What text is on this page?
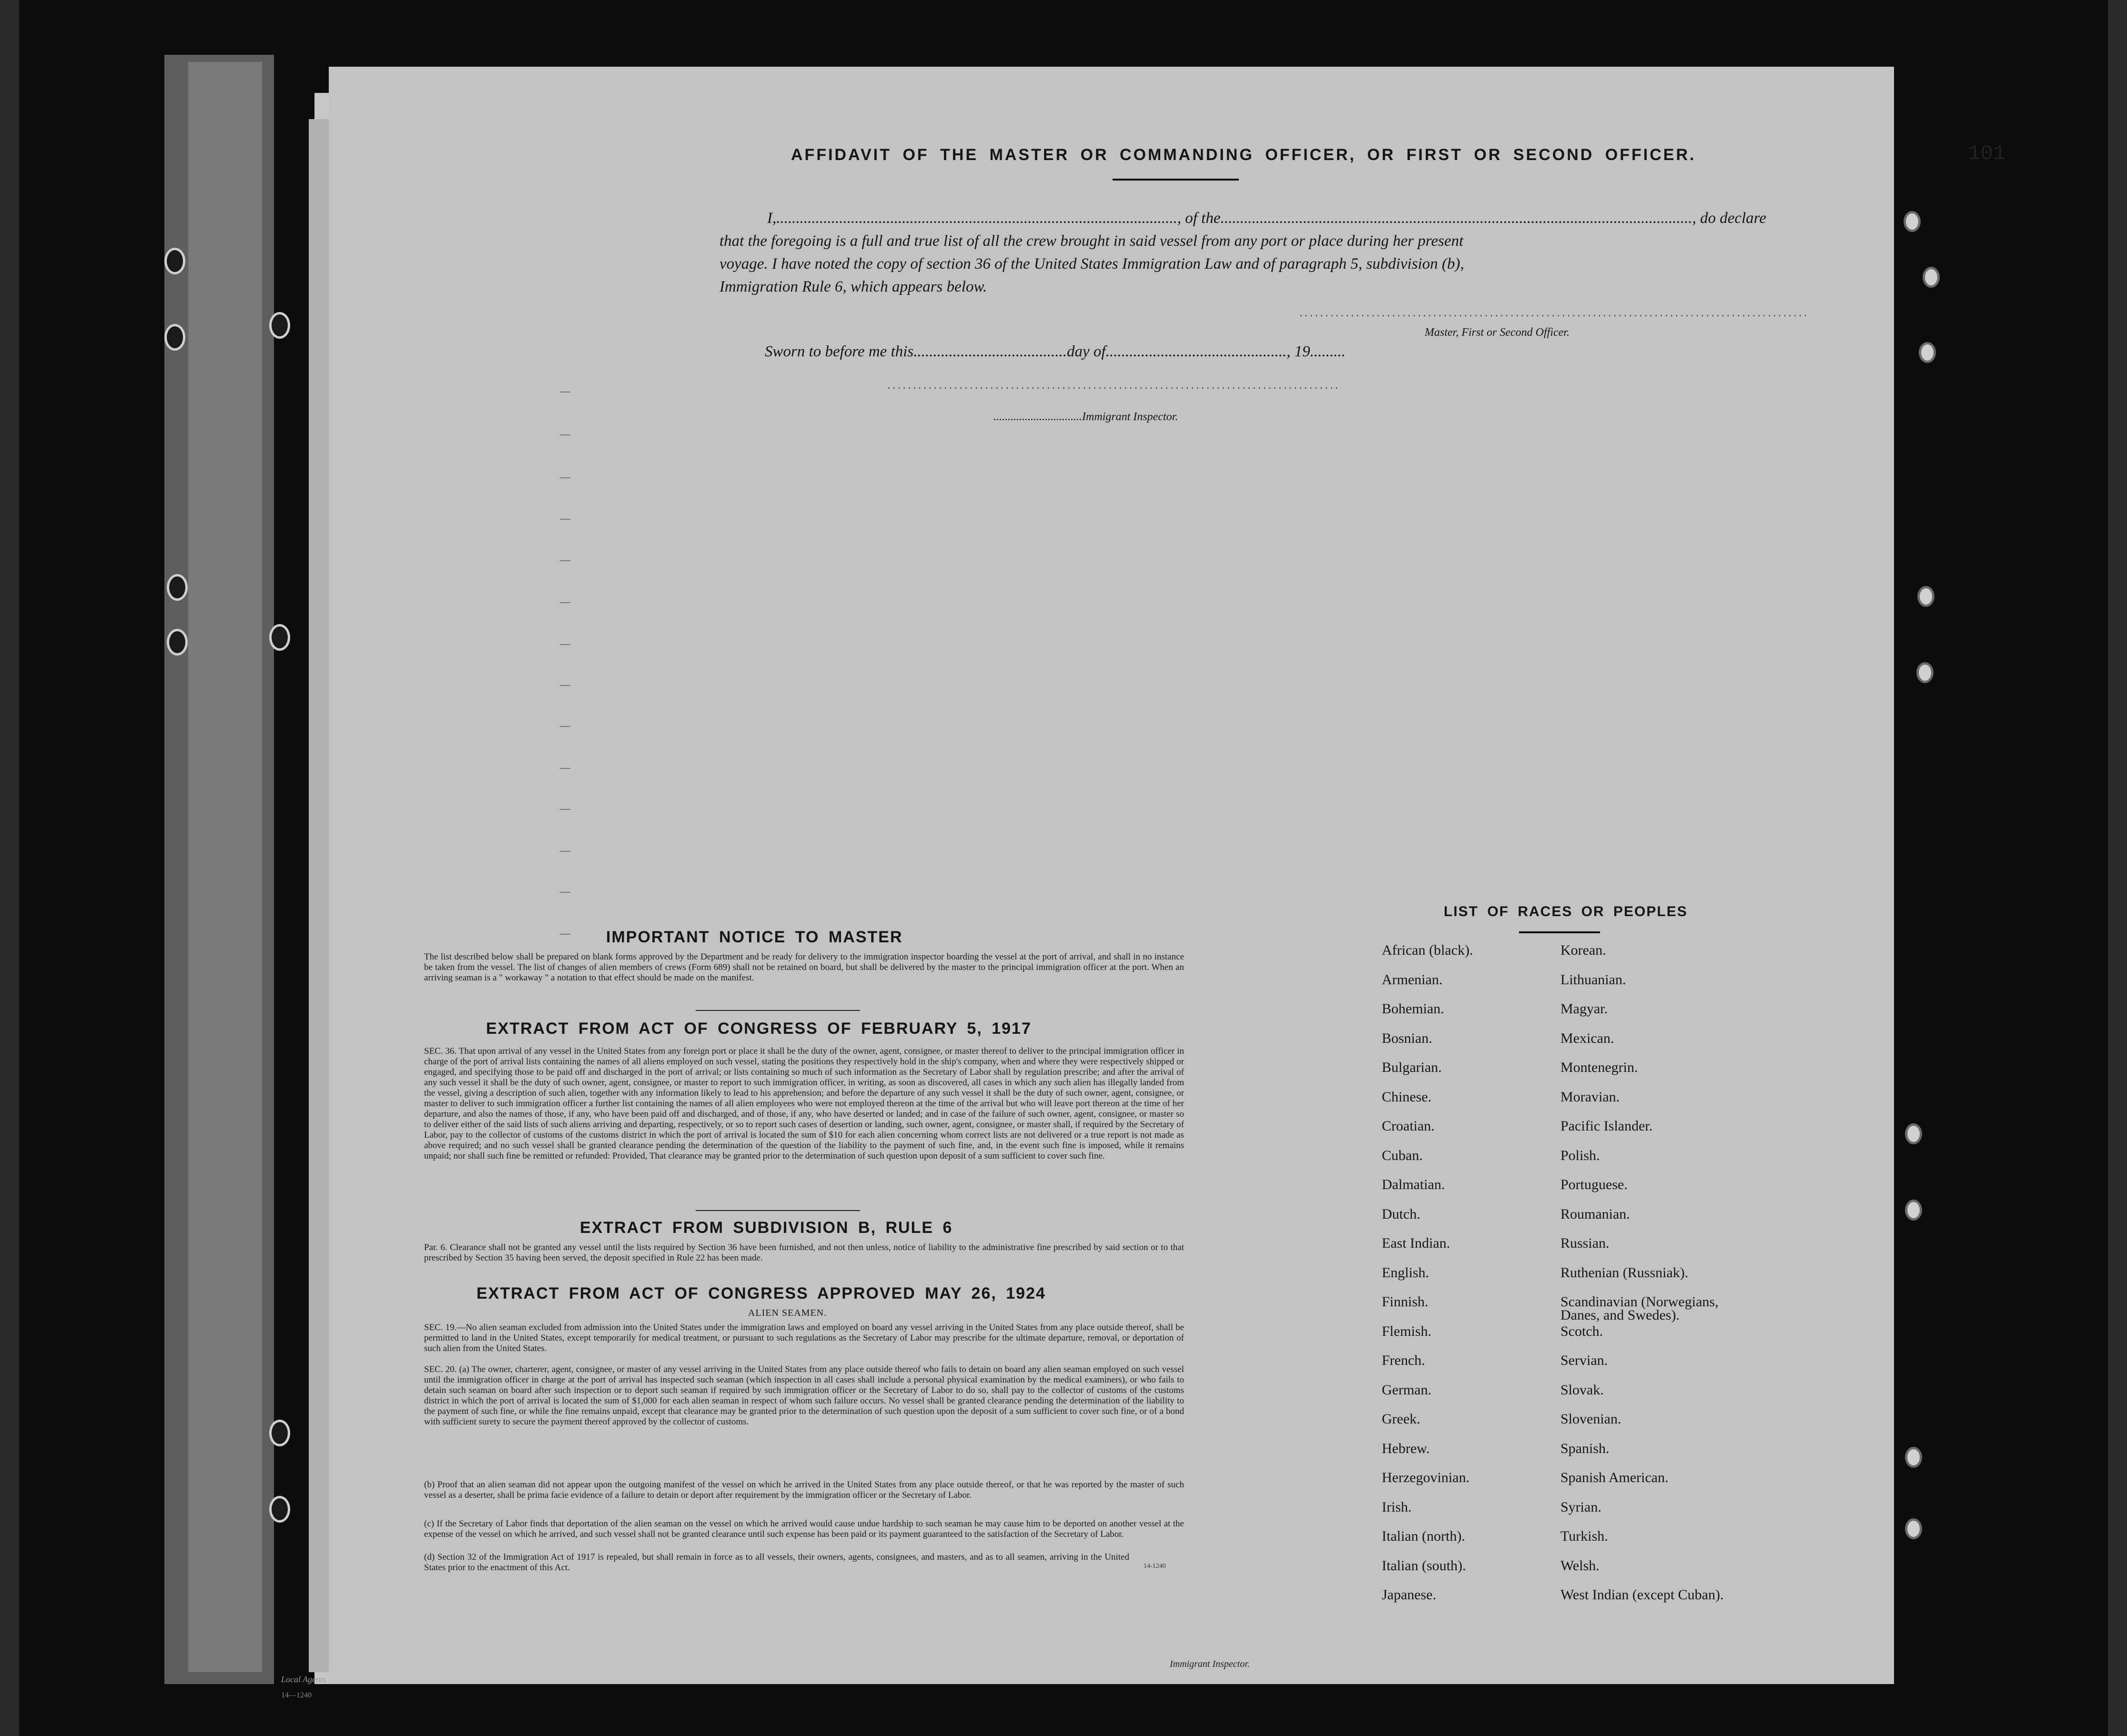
AFFIDAVIT OF THE MASTER OR COMMANDING OFFICER, OR FIRST OR SECOND OFFICER.	101
I,......................................................................................................, of the........................................................................................................................, do declare
that the foregoing is a full and true list of all the crew brought in said vessel from any port or place during her present
voyage. I have noted the copy of section 36 of the United States Immigration Law and of paragraph 5, subdivision (b),
Immigration Rule 6, which appears below.
...................................................................................................
Master, First or Second Officer.
Sworn to before me this.......................................day of.............................................., 19.........
........................................................................................
...............................Immigrant Inspector.
—
—
—
—
—
—
—
—
—
—
—
—
—
— IMPORTANT NOTICE TO MASTER
The list described below shall be prepared on blank forms approved by the Department and be ready for delivery to the immigration inspector boarding the vessel at the port of arrival, and shall in no instance be taken from the vessel. The list of changes of alien members of crews (Form 689) shall not be retained on board, but shall be delivered by the master to the principal immigration officer at the port. When an arriving seaman is a " workaway " a notation to that effect should be made on the manifest.
EXTRACT FROM ACT OF CONGRESS OF FEBRUARY 5, 1917
SEC. 36. That upon arrival of any vessel in the United States from any foreign port or place it shall be the duty of the owner, agent, consignee, or master thereof to deliver to the principal immigration officer in charge of the port of arrival lists containing the names of all aliens employed on such vessel, stating the positions they respectively hold in the ship's company, when and where they were respectively shipped or engaged, and specifying those to be paid off and discharged in the port of arrival; or lists containing so much of such information as the Secretary of Labor shall by regulation prescribe; and after the arrival of any such vessel it shall be the duty of such owner, agent, consignee, or master to report to such immigration officer, in writing, as soon as discovered, all cases in which any such alien has illegally landed from the vessel, giving a description of such alien, together with any information likely to lead to his apprehension; and before the departure of any such vessel it shall be the duty of such owner, agent, consignee, or master to deliver to such immigration officer a further list containing the names of all alien employees who were not employed thereon at the time of the arrival but who will leave port thereon at the time of her departure, and also the names of those, if any, who have been paid off and discharged, and of those, if any, who have deserted or landed; and in case of the failure of such owner, agent, consignee, or master so to deliver either of the said lists of such aliens arriving and departing, respectively, or so to report such cases of desertion or landing, such owner, agent, consignee, or master shall, if required by the Secretary of Labor, pay to the collector of customs of the customs district in which the port of arrival is located the sum of $10 for each alien concerning whom correct lists are not delivered or a true report is not made as above required; and no such vessel shall be granted clearance pending the determination of the question of the liability to the payment of such fine, and, in the event such fine is imposed, while it remains unpaid; nor shall such fine be remitted or refunded: Provided, That clearance may be granted prior to the determination of such question upon deposit of a sum sufficient to cover such fine.
EXTRACT FROM SUBDIVISION B, RULE 6
Par. 6. Clearance shall not be granted any vessel until the lists required by Section 36 have been furnished, and not then unless, notice of liability to the administrative fine prescribed by said section or to that prescribed by Section 35 having been served, the deposit specified in Rule 22 has been made.
EXTRACT FROM ACT OF CONGRESS APPROVED MAY 26, 1924
ALIEN SEAMEN.
SEC. 19.—No alien seaman excluded from admission into the United States under the immigration laws and employed on board any vessel arriving in the United States from any place outside thereof, shall be permitted to land in the United States, except temporarily for medical treatment, or pursuant to such regulations as the Secretary of Labor may prescribe for the ultimate departure, removal, or deportation of such alien from the United States.
SEC. 20. (a) The owner, charterer, agent, consignee, or master of any vessel arriving in the United States from any place outside thereof who fails to detain on board any alien seaman employed on such vessel until the immigration officer in charge at the port of arrival has inspected such seaman (which inspection in all cases shall include a personal physical examination by the medical examiners), or who fails to detain such seaman on board after such inspection or to deport such seaman if required by such immigration officer or the Secretary of Labor to do so, shall pay to the collector of customs of the customs district in which the port of arrival is located the sum of $1,000 for each alien seaman in respect of whom such failure occurs. No vessel shall be granted clearance pending the determination of the liability to the payment of such fine, or while the fine remains unpaid, except that clearance may be granted prior to the determination of such question upon the deposit of a sum sufficient to cover such fine, or of a bond with sufficient surety to secure the payment thereof approved by the collector of customs.
(b) Proof that an alien seaman did not appear upon the outgoing manifest of the vessel on which he arrived in the United States from any place outside thereof, or that he was reported by the master of such vessel as a deserter, shall be prima facie evidence of a failure to detain or deport after requirement by the immigration officer or the Secretary of Labor.
(c) If the Secretary of Labor finds that deportation of the alien seaman on the vessel on which he arrived would cause undue hardship to such seaman he may cause him to be deported on another vessel at the expense of the vessel on which he arrived, and such vessel shall not be granted clearance until such expense has been paid or its payment guaranteed to the satisfaction of the Secretary of Labor.
(d) Section 32 of the Immigration Act of 1917 is repealed, but shall remain in force as to all vessels, their owners, agents, consignees, and masters, and as to all seamen, arriving in the United States prior to the enactment of this Act.	14-1240
LIST OF RACES OR PEOPLES
African (black).
Armenian.
Bohemian.
Bosnian.
Bulgarian.
Chinese.
Croatian.
Cuban.
Dalmatian.
Dutch.
East Indian.
English.
Finnish.
Flemish.
French.
German.
Greek.
Hebrew.
Herzegovinian.
Irish.
Italian (north).
Italian (south).
Japanese.
Korean.
Lithuanian.
Magyar.
Mexican.
Montenegrin.
Moravian.
Pacific Islander.
Polish.
Portuguese.
Roumanian.
Russian.
Ruthenian (Russniak).
Scandinavian (Norwegians,
Danes, and Swedes).
Scotch.
Servian.
Slovak.
Slovenian.
Spanish.
Spanish American.
Syrian.
Turkish.
Welsh.
West Indian (except Cuban).
Immigrant Inspector.
Local Agents
14—1240
